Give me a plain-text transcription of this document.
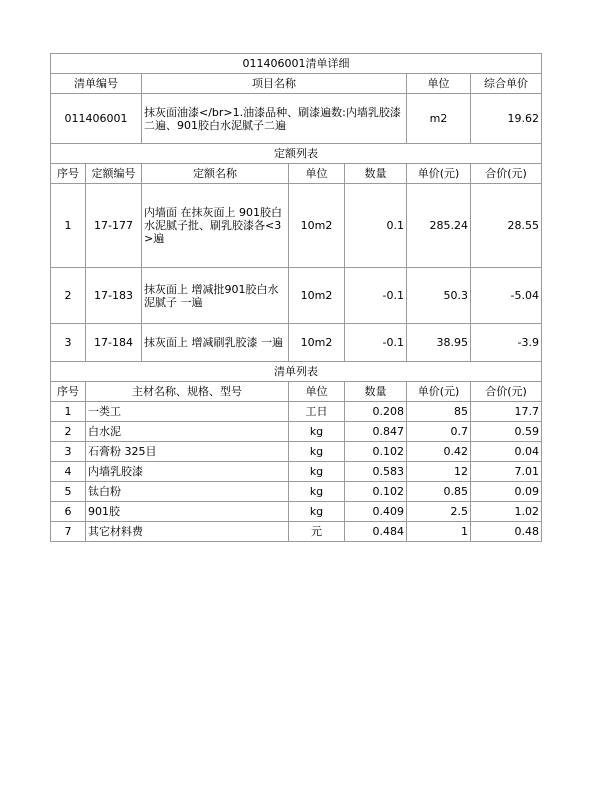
011406001清单详细						
清单编号		项目名称			单位	综合单价
011406001		抹灰面油漆</br>1.油漆品种、刷漆遍数:内墙乳胶漆二遍、901胶白水泥腻子二遍			m2	19.62
定额列表						
序号	定额编号	定额名称	单位	数量	单价(元)	合价(元)
1	17-177	内墙面 在抹灰面上 901胶白水泥腻子批、刷乳胶漆各<3>遍	10m2	0.1	285.24	28.55
2	17-183	抹灰面上 增减批901胶白水泥腻子 一遍	10m2	-0.1	50.3	-5.04
3	17-184	抹灰面上 增减刷乳胶漆 一遍	10m2	-0.1	38.95	-3.9
清单列表						
序号	主材名称、规格、型号		单位	数量	单价(元)	合价(元)
1	一类工		工日	0.208	85	17.7
2	白水泥		kg	0.847	0.7	0.59
3	石膏粉 325目		kg	0.102	0.42	0.04
4	内墙乳胶漆		kg	0.583	12	7.01
5	钛白粉		kg	0.102	0.85	0.09
6	901胶		kg	0.409	2.5	1.02
7	其它材料费		元	0.484	1	0.48
